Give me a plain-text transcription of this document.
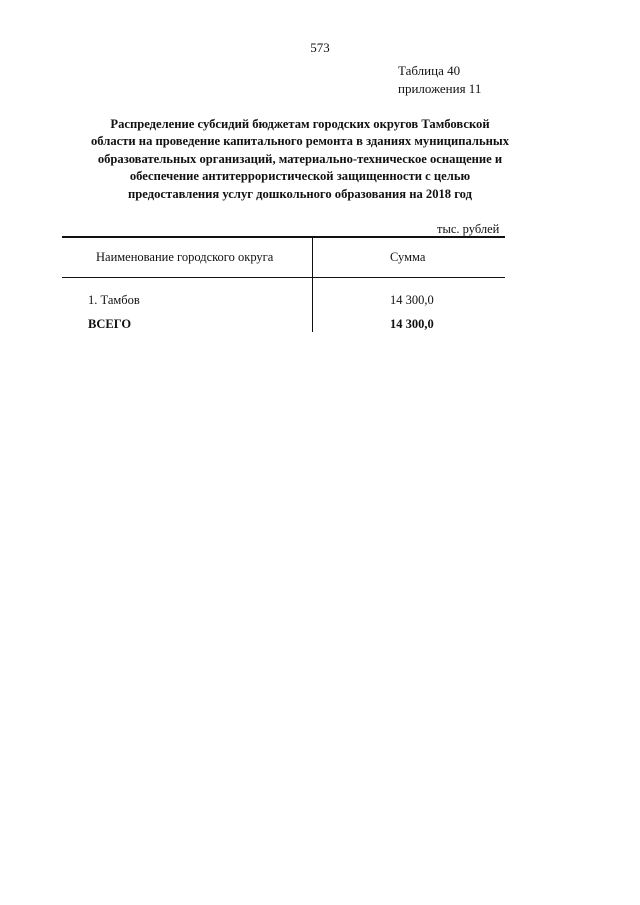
573
Таблица 40
приложения 11
Распределение субсидий бюджетам городских округов Тамбовской
области на проведение капитального ремонта в зданиях муниципальных
образовательных организаций, материально-техническое оснащение и
обеспечение антитеррористической защищенности с целью
предоставления услуг дошкольного образования на 2018 год
тыс. рублей
Наименование городского округа	Сумма
1. Тамбов	14 300,0
ВСЕГО	14 300,0
